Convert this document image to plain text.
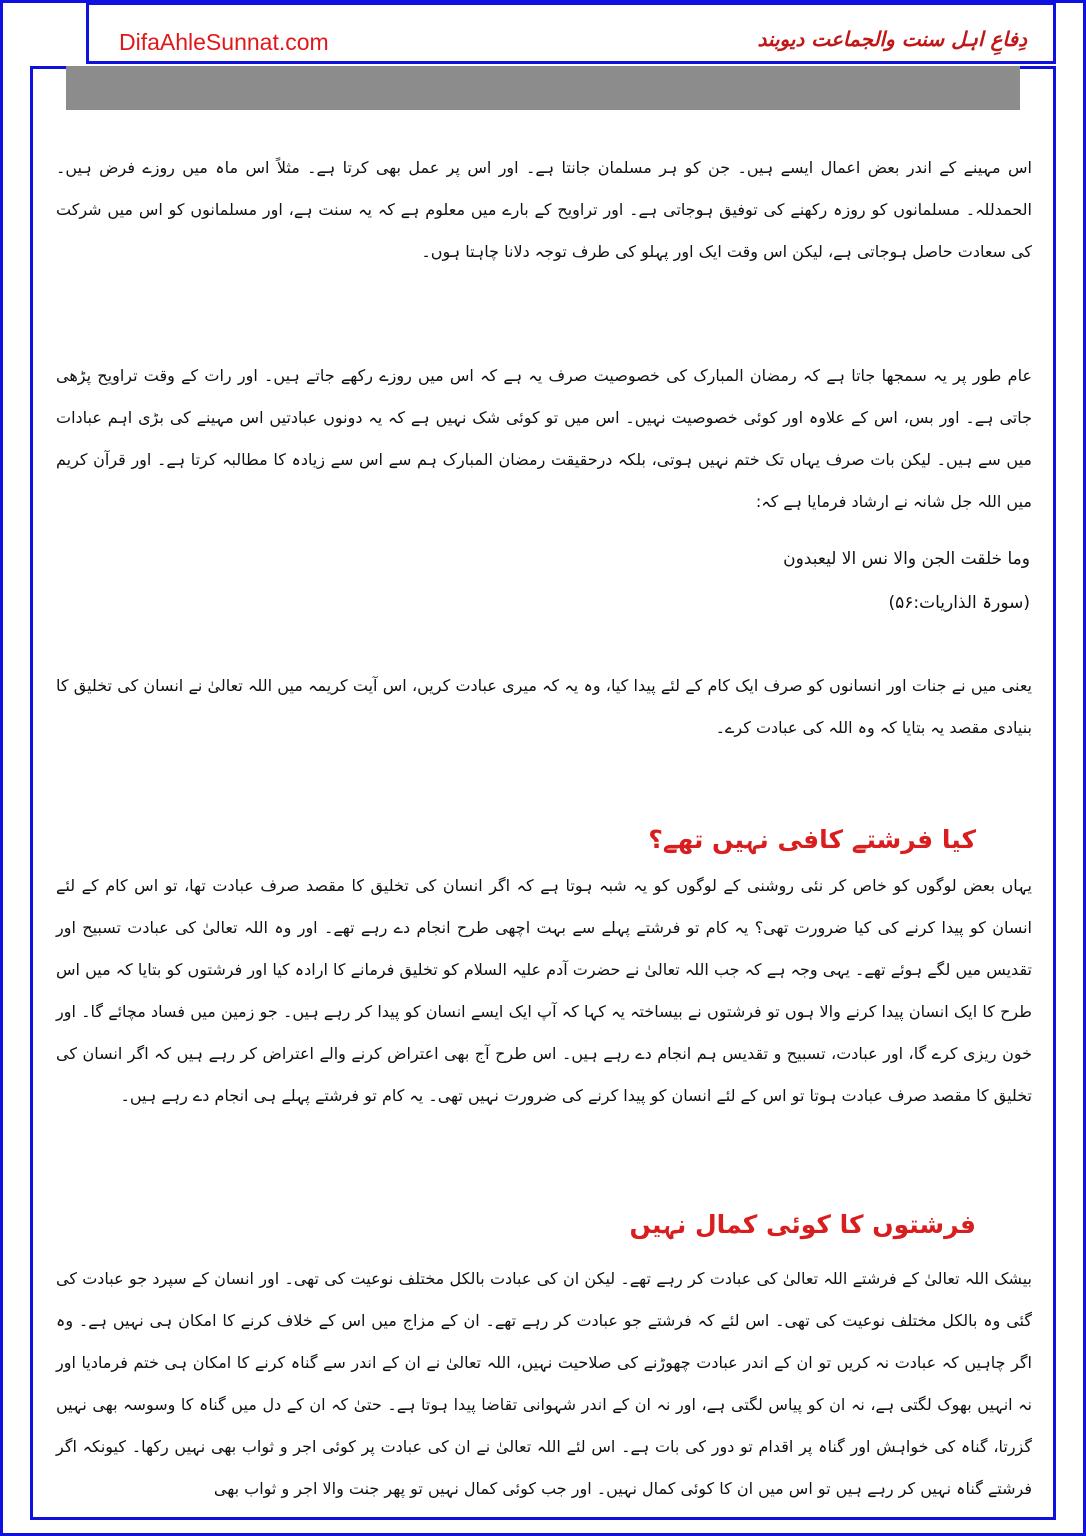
DifaAhleSunnat.com	دِفاعِ اہل سنت والجماعت دیوبند

اس مہینے کے اندر بعض اعمال ایسے ہیں۔ جن کو ہر مسلمان جانتا ہے۔ اور اس پر عمل بھی کرتا ہے۔ مثلاً اس ماہ میں روزے فرض ہیں۔ الحمدللہ۔ مسلمانوں کو روزہ رکھنے کی توفیق ہوجاتی ہے۔ اور تراویح کے بارے میں معلوم ہے کہ یہ سنت ہے، اور مسلمانوں کو اس میں شرکت کی سعادت حاصل ہوجاتی ہے، لیکن اس وقت ایک اور پہلو کی طرف توجہ دلانا چاہتا ہوں۔

عام طور پر یہ سمجھا جاتا ہے کہ رمضان المبارک کی خصوصیت صرف یہ ہے کہ اس میں روزے رکھے جاتے ہیں۔ اور رات کے وقت تراویح پڑھی جاتی ہے۔ اور بس، اس کے علاوہ اور کوئی خصوصیت نہیں۔ اس میں تو کوئی شک نہیں ہے کہ یہ دونوں عبادتیں اس مہینے کی بڑی اہم عبادات میں سے ہیں۔ لیکن بات صرف یہاں تک ختم نہیں ہوتی، بلکہ درحقیقت رمضان المبارک ہم سے اس سے زیادہ کا مطالبہ کرتا ہے۔ اور قرآن کریم میں اللہ جل شانہ نے ارشاد فرمایا ہے کہ:

وما خلقت الجن والا نس الا ليعبدون

(سورۃ الذاریات:۵۶)

یعنی میں نے جنات اور انسانوں کو صرف ایک کام کے لئے پیدا کیا، وہ یہ کہ میری عبادت کریں، اس آیت کریمہ میں اللہ تعالیٰ نے انسان کی تخلیق کا بنیادی مقصد یہ بتایا کہ وہ اللہ کی عبادت کرے۔

کیا فرشتے کافی نہیں تھے؟

یہاں بعض لوگوں کو خاص کر نئی روشنی کے لوگوں کو یہ شبہ ہوتا ہے کہ اگر انسان کی تخلیق کا مقصد صرف عبادت تھا، تو اس کام کے لئے انسان کو پیدا کرنے کی کیا ضرورت تھی؟ یہ کام تو فرشتے پہلے سے بہت اچھی طرح انجام دے رہے تھے۔ اور وہ اللہ تعالیٰ کی عبادت تسبیح اور تقدیس میں لگے ہوئے تھے۔ یہی وجہ ہے کہ جب اللہ تعالیٰ نے حضرت آدم علیہ السلام کو تخلیق فرمانے کا ارادہ کیا اور فرشتوں کو بتایا کہ میں اس طرح کا ایک انسان پیدا کرنے والا ہوں تو فرشتوں نے بیساختہ یہ کہا کہ آپ ایک ایسے انسان کو پیدا کر رہے ہیں۔ جو زمین میں فساد مچائے گا۔ اور خون ریزی کرے گا، اور عبادت، تسبیح و تقدیس ہم انجام دے رہے ہیں۔ اس طرح آج بھی اعتراض کرنے والے اعتراض کر رہے ہیں کہ اگر انسان کی تخلیق کا مقصد صرف عبادت ہوتا تو اس کے لئے انسان کو پیدا کرنے کی ضرورت نہیں تھی۔ یہ کام تو فرشتے پہلے ہی انجام دے رہے ہیں۔

فرشتوں کا کوئی کمال نہیں

بیشک اللہ تعالیٰ کے فرشتے اللہ تعالیٰ کی عبادت کر رہے تھے۔ لیکن ان کی عبادت بالکل مختلف نوعیت کی تھی۔ اور انسان کے سپرد جو عبادت کی گئی وہ بالکل مختلف نوعیت کی تھی۔ اس لئے کہ فرشتے جو عبادت کر رہے تھے۔ ان کے مزاج میں اس کے خلاف کرنے کا امکان ہی نہیں ہے۔ وہ اگر چاہیں کہ عبادت نہ کریں تو ان کے اندر عبادت چھوڑنے کی صلاحیت نہیں، اللہ تعالیٰ نے ان کے اندر سے گناہ کرنے کا امکان ہی ختم فرمادیا اور نہ انہیں بھوک لگتی ہے، نہ ان کو پیاس لگتی ہے، اور نہ ان کے اندر شہوانی تقاضا پیدا ہوتا ہے۔ حتیٰ کہ ان کے دل میں گناہ کا وسوسہ بھی نہیں گزرتا، گناہ کی خواہش اور گناہ پر اقدام تو دور کی بات ہے۔ اس لئے اللہ تعالیٰ نے ان کی عبادت پر کوئی اجر و ثواب بھی نہیں رکھا۔ کیونکہ اگر فرشتے گناہ نہیں کر رہے ہیں تو اس میں ان کا کوئی کمال نہیں۔ اور جب کوئی کمال نہیں تو پھر جنت والا اجر و ثواب بھی
